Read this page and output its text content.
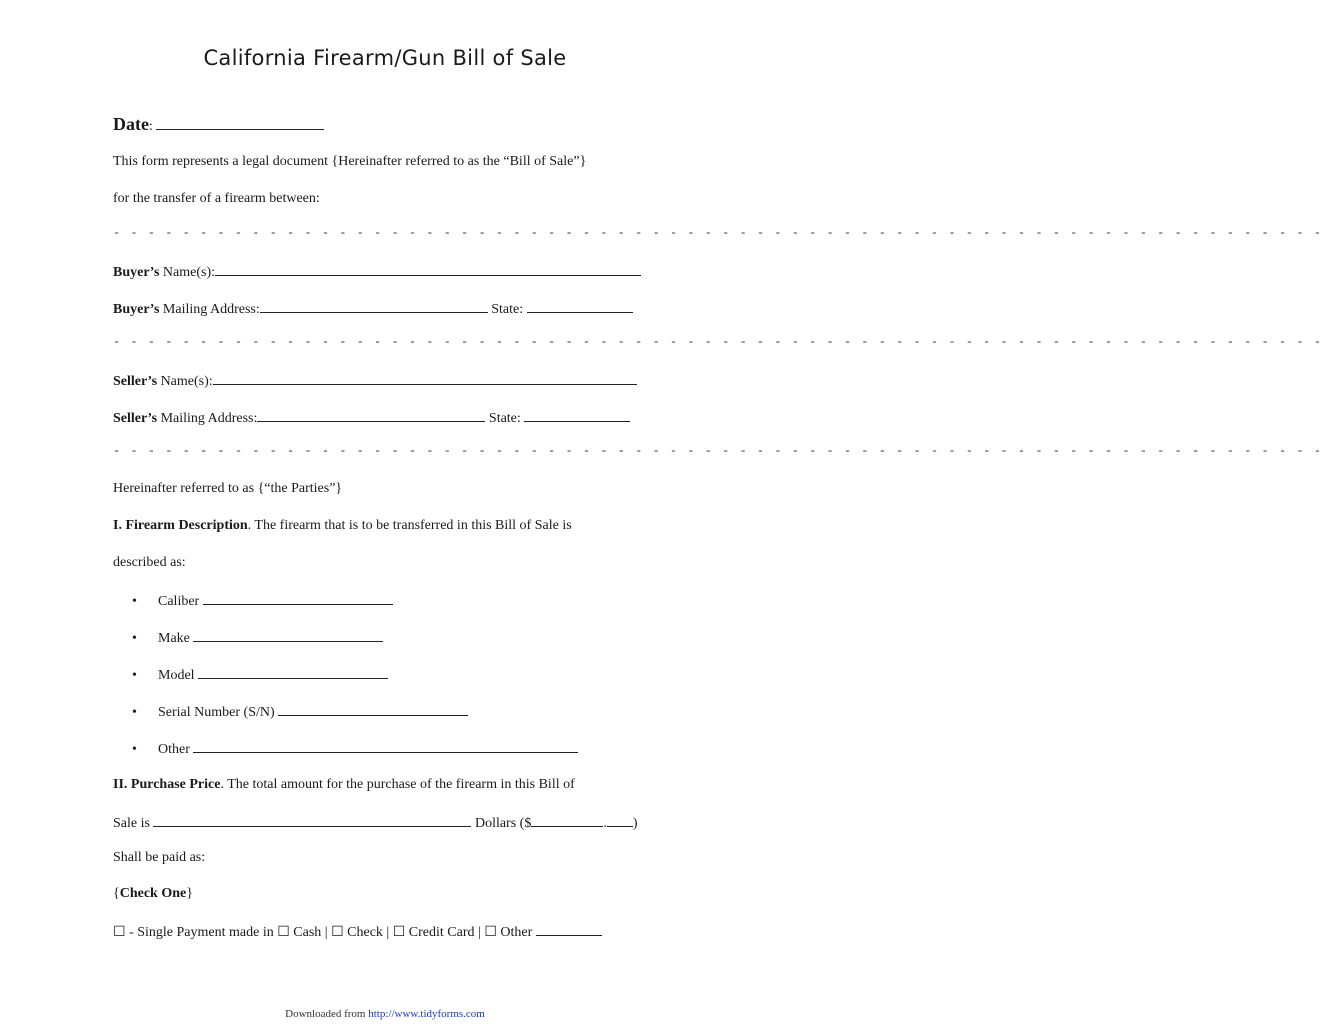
California Firearm/Gun Bill of Sale
Date:
This form represents a legal document {Hereinafter referred to as the “Bill of Sale”}
for the transfer of a firearm between:
- - - - - - - - - - - - - - - - - - - - - - - - - - - - - - - - - - - - - - - - - - - - - - - - - - - - - - - - - - - - - - - - - - - - - -
Buyer’s Name(s):
Buyer’s Mailing Address:	State:
- - - - - - - - - - - - - - - - - - - - - - - - - - - - - - - - - - - - - - - - - - - - - - - - - - - - - - - - - - - - - - - - - - - - - -
Seller’s Name(s):
Seller’s Mailing Address:	State:
- - - - - - - - - - - - - - - - - - - - - - - - - - - - - - - - - - - - - - - - - - - - - - - - - - - - - - - - - - - - - - - - - - - - - -
Hereinafter referred to as {“the Parties”}
I. Firearm Description. The firearm that is to be transferred in this Bill of Sale is
described as:
• Caliber
• Make
• Model
• Serial Number (S/N)
• Other
II. Purchase Price. The total amount for the purchase of the firearm in this Bill of
Sale is	Dollars ($	. )
Shall be paid as:
{Check One}
☐ - Single Payment made in ☐ Cash | ☐ Check | ☐ Credit Card | ☐ Other
Downloaded from http://www.tidyforms.com
